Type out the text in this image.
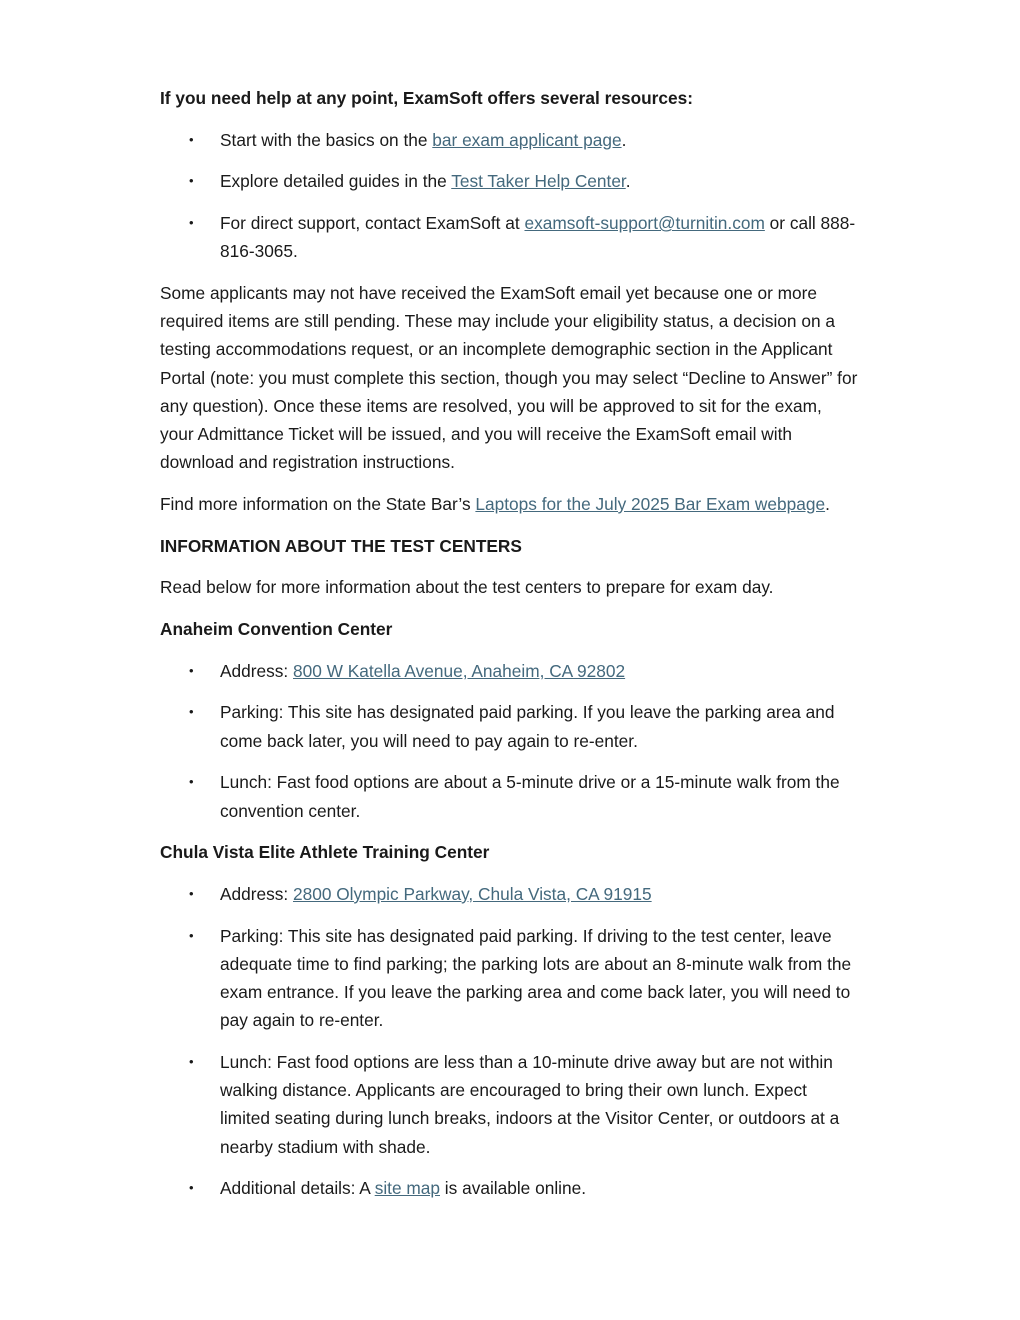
If you need help at any point, ExamSoft offers several resources:

• Start with the basics on the bar exam applicant page.
• Explore detailed guides in the Test Taker Help Center.
• For direct support, contact ExamSoft at examsoft-support@turnitin.com or call 888-816-3065.

Some applicants may not have received the ExamSoft email yet because one or more required items are still pending. These may include your eligibility status, a decision on a testing accommodations request, or an incomplete demographic section in the Applicant Portal (note: you must complete this section, though you may select “Decline to Answer” for any question). Once these items are resolved, you will be approved to sit for the exam, your Admittance Ticket will be issued, and you will receive the ExamSoft email with download and registration instructions.

Find more information on the State Bar’s Laptops for the July 2025 Bar Exam webpage.

INFORMATION ABOUT THE TEST CENTERS

Read below for more information about the test centers to prepare for exam day.

Anaheim Convention Center

• Address: 800 W Katella Avenue, Anaheim, CA 92802
• Parking: This site has designated paid parking. If you leave the parking area and come back later, you will need to pay again to re-enter.
• Lunch: Fast food options are about a 5-minute drive or a 15-minute walk from the convention center.

Chula Vista Elite Athlete Training Center

• Address: 2800 Olympic Parkway, Chula Vista, CA 91915
• Parking: This site has designated paid parking. If driving to the test center, leave adequate time to find parking; the parking lots are about an 8-minute walk from the exam entrance. If you leave the parking area and come back later, you will need to pay again to re-enter.
• Lunch: Fast food options are less than a 10-minute drive away but are not within walking distance. Applicants are encouraged to bring their own lunch. Expect limited seating during lunch breaks, indoors at the Visitor Center, or outdoors at a nearby stadium with shade.
• Additional details: A site map is available online.
